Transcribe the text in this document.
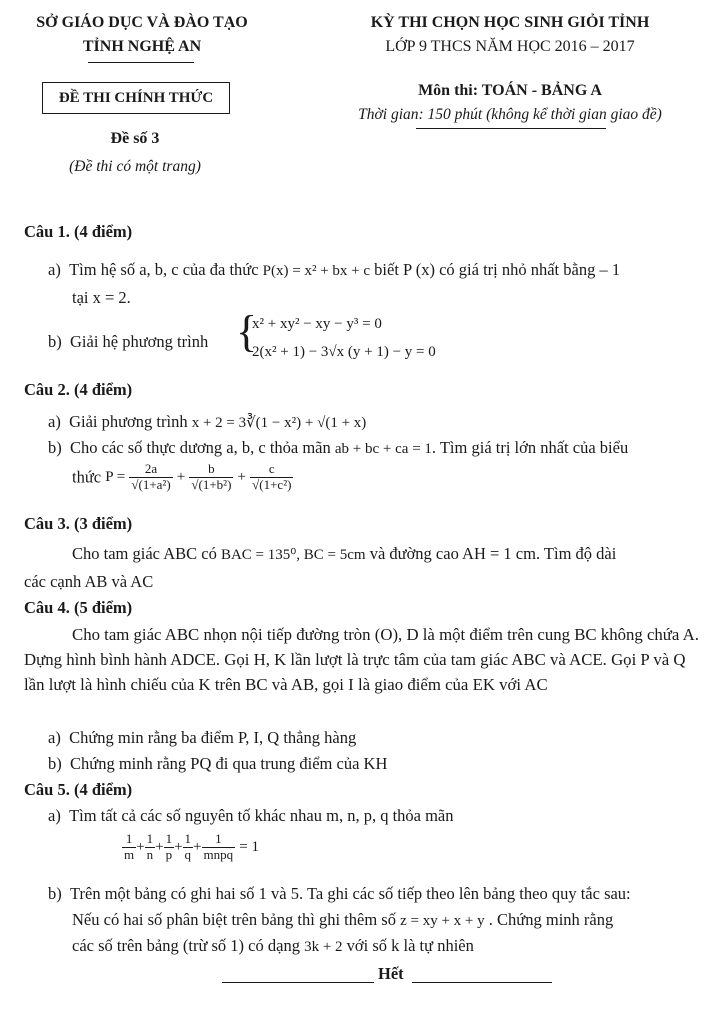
SỞ GIÁO DỤC VÀ ĐÀO TẠO
TỈNH NGHỆ AN
KỲ THI CHỌN HỌC SINH GIỎI TỈNH
LỚP 9 THCS NĂM HỌC 2016 – 2017
ĐỀ THI CHÍNH THỨC	Môn thi: TOÁN - BẢNG A
Thời gian: 150 phút (không kể thời gian giao đề)
Đề số 3
(Đề thi có một trang)
Câu 1. (4 điểm)
a) Tìm hệ số a, b, c của đa thức P(x) = x² + bx + c biết P (x) có giá trị nhỏ nhất bằng – 1
tại x = 2.
b) Giải hệ phương trình {
x² + xy² − xy − y³ = 0
2(x² + 1) − 3√x (y + 1) − y = 0
Câu 2. (4 điểm)
a) Giải phương trình x + 2 = 3∛(1 − x²) + √(1 + x)
b) Cho các số thực dương a, b, c thỏa mãn ab + bc + ca = 1. Tìm giá trị lớn nhất của biểu
thức $P = \frac{2a}{\text{√(1+a²)}} + \frac{b}{\text{√(1+b²)}} + \frac{c}{\text{√(1+c²)}}$
Câu 3. (3 điểm)
Cho tam giác ABC có BAC = 135⁰, BC = 5cm và đường cao AH = 1 cm. Tìm độ dài
các cạnh AB và AC
Câu 4. (5 điểm)
Cho tam giác ABC nhọn nội tiếp đường tròn (O), D là một điểm trên cung BC không chứa A. Dựng hình bình hành ADCE. Gọi H, K lần lượt là trực tâm của tam giác ABC và ACE. Gọi P và Q lần lượt là hình chiếu của K trên BC và AB, gọi I là giao điểm của EK với AC
a) Chứng min rằng ba điểm P, I, Q thẳng hàng
b) Chứng minh rằng PQ đi qua trung điểm của KH
Câu 5. (4 điểm)
a) Tìm tất cả các số nguyên tố khác nhau m, n, p, q thỏa mãn
$\frac{1}{m} + \frac{1}{n} + \frac{1}{p} + \frac{1}{q} + \frac{1}{\text{mnpq}} = 1$
b) Trên một bảng có ghi hai số 1 và 5. Ta ghi các số tiếp theo lên bảng theo quy tắc sau:
Nếu có hai số phân biệt trên bảng thì ghi thêm số z = xy + x + y . Chứng minh rằng
các số trên bảng (trừ số 1) có dạng 3k + 2 với số k là tự nhiên
Hết
